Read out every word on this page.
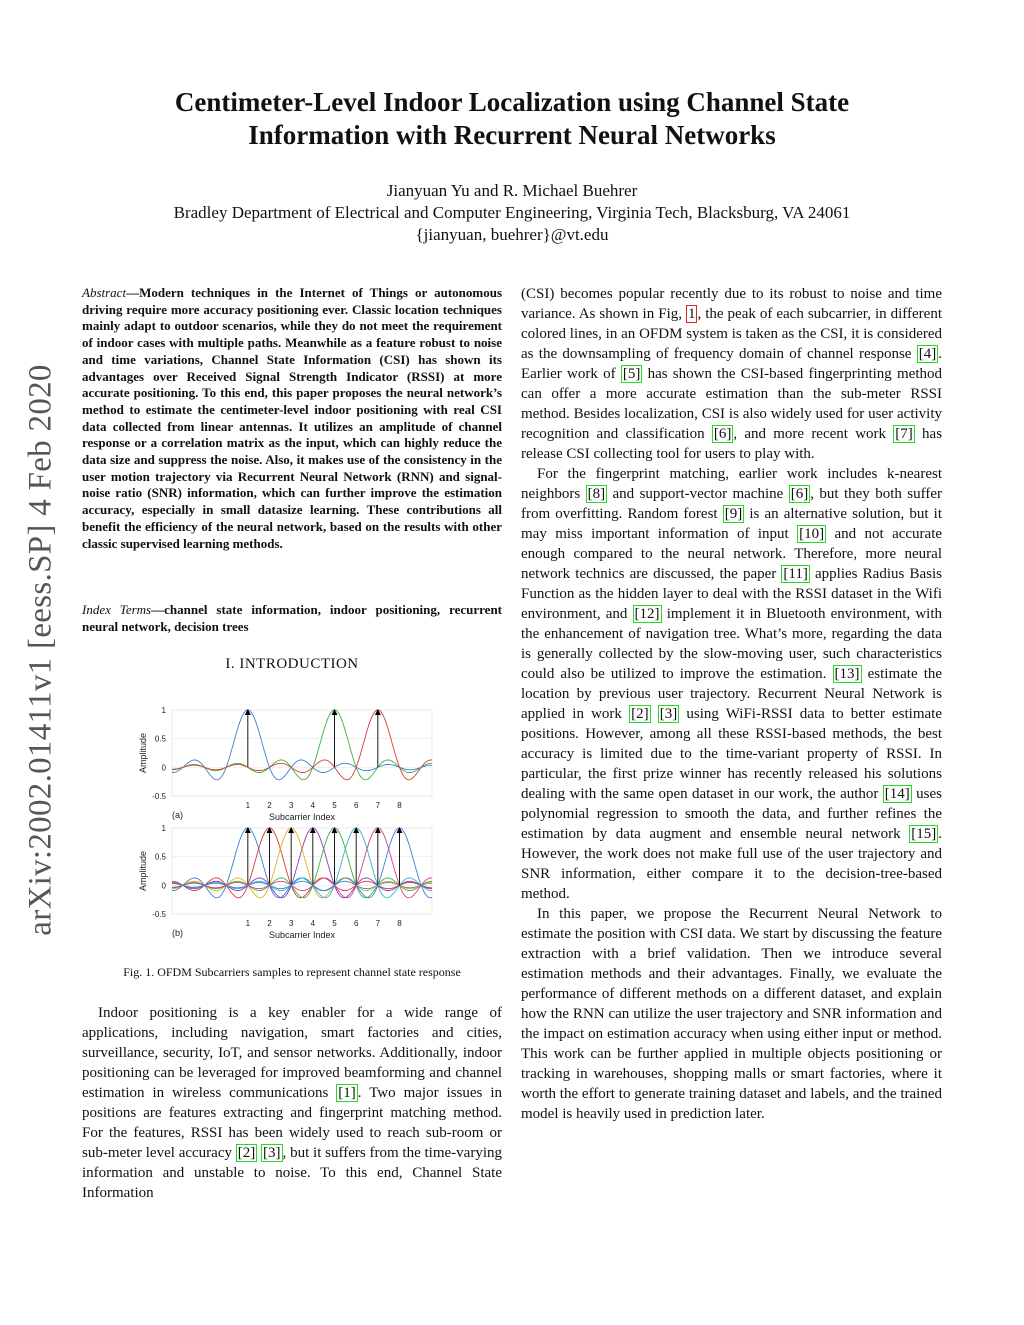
Centimeter-Level Indoor Localization using Channel State
Information with Recurrent Neural Networks
Jianyuan Yu and R. Michael Buehrer
Bradley Department of Electrical and Computer Engineering, Virginia Tech, Blacksburg, VA 24061
{jianyuan, buehrer}@vt.edu
arXiv:2002.01411v1 [eess.SP] 4 Feb 2020

Abstract—Modern techniques in the Internet of Things or autonomous driving require more accuracy positioning ever. Classic location techniques mainly adapt to outdoor scenarios, while they do not meet the requirement of indoor cases with multiple paths. Meanwhile as a feature robust to noise and time variations, Channel State Information (CSI) has shown its advantages over Received Signal Strength Indicator (RSSI) at more accurate positioning. To this end, this paper proposes the neural network’s method to estimate the centimeter-level indoor positioning with real CSI data collected from linear antennas. It utilizes an amplitude of channel response or a correlation matrix as the input, which can highly reduce the data size and suppress the noise. Also, it makes use of the consistency in the user motion trajectory via Recurrent Neural Network (RNN) and signal-noise ratio (SNR) information, which can further improve the estimation accuracy, especially in small datasize learning. These contributions all benefit the efficiency of the neural network, based on the results with other classic supervised learning methods.

Index Terms—channel state information, indoor positioning, recurrent neural network, decision trees
I. INTRODUCTION
1
0.5
0
-0.5
1 2 3 4 5 6 7 8
Subcarrier Index
Amplitude
(a)
1
0.5
0
-0.5
1 2 3 4 5 6 7 8
Subcarrier Index
Amplitude
(b)
Fig. 1. OFDM Subcarriers samples to represent channel state response

Indoor positioning is a key enabler for a wide range of applications, including navigation, smart factories and cities, surveillance, security, IoT, and sensor networks. Additionally, indoor positioning can be leveraged for improved beamforming and channel estimation in wireless communications [1] . Two major issues in positions are features extracting and fingerprint matching method. For the features, RSSI has been widely used to reach sub-room or sub-meter level accuracy [2] [3] , but it suffers from the time-varying information and unstable to noise. To this end, Channel State Information

(CSI) becomes popular recently due to its robust to noise and time variance. As shown in Fig, 1 , the peak of each subcarrier, in different colored lines, in an OFDM system is taken as the CSI, it is considered as the downsampling of frequency domain of channel response [4] . Earlier work of [5] has shown the CSI-based fingerprinting method can offer a more accurate estimation than the sub-meter RSSI method. Besides localization, CSI is also widely used for user activity recognition and classification [6] , and more recent work [7] has release CSI collecting tool for users to play with.

For the fingerprint matching, earlier work includes k-nearest neighbors [8] and support-vector machine [6] , but they both suffer from overfitting. Random forest [9] is an alternative solution, but it may miss important information of input [10] and not accurate enough compared to the neural network. Therefore, more neural network technics are discussed, the paper [11] applies Radius Basis Function as the hidden layer to deal with the RSSI dataset in the Wifi environment, and [12] implement it in Bluetooth environment, with the enhancement of navigation tree. What’s more, regarding the data is generally collected by the slow-moving user, such characteristics could also be utilized to improve the estimation. [13] estimate the location by previous user trajectory. Recurrent Neural Network is applied in work [2] [3] using WiFi-RSSI data to better estimate positions. However, among all these RSSI-based methods, the best accuracy is limited due to the time-variant property of RSSI. In particular, the first prize winner has recently released his solutions dealing with the same open dataset in our work, the author [14] uses polynomial regression to smooth the data, and further refines the estimation by data augment and ensemble neural network [15] . However, the work does not make full use of the user trajectory and SNR information, either compare it to the decision-tree-based method.

In this paper, we propose the Recurrent Neural Network to estimate the position with CSI data. We start by discussing the feature extraction with a brief validation. Then we introduce several estimation methods and their advantages. Finally, we evaluate the performance of different methods on a different dataset, and explain how the RNN can utilize the user trajectory and SNR information and the impact on estimation accuracy when using either input or method. This work can be further applied in multiple objects positioning or tracking in warehouses, shopping malls or smart factories, where it worth the effort to generate training dataset and labels, and the trained model is heavily used in prediction later.
